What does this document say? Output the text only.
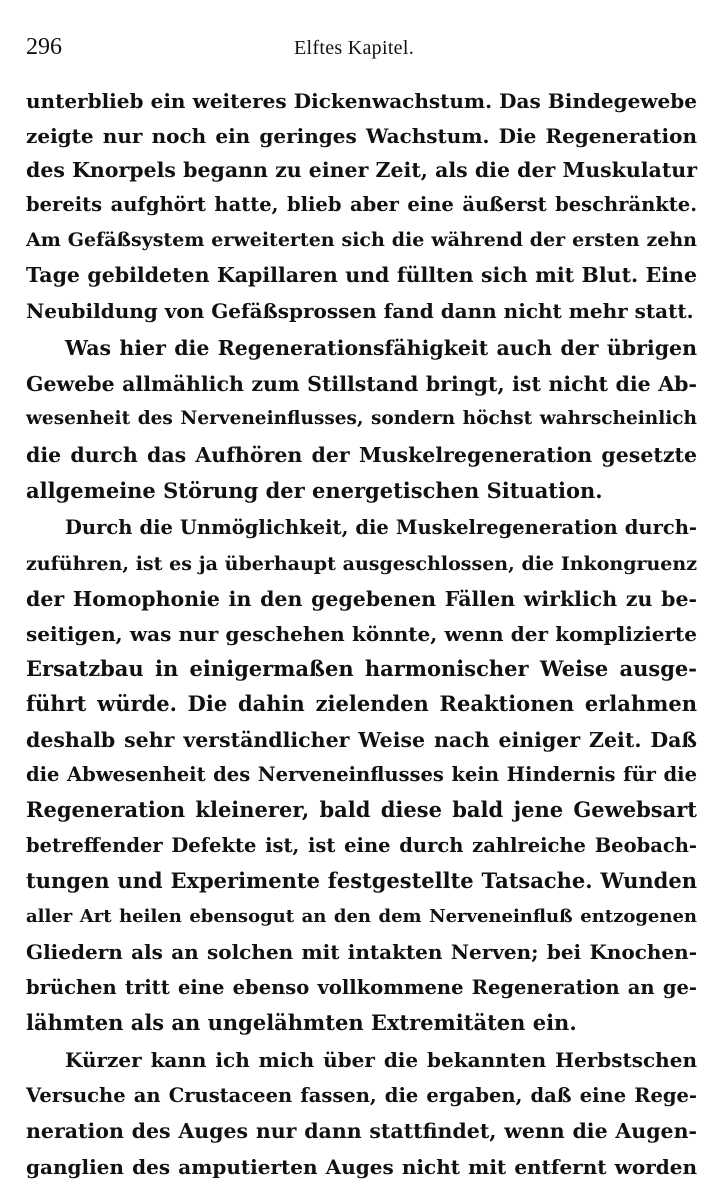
296	Elftes Kapitel.
unterblieb ein weiteres Dickenwachstum. Das Bindegewebe
zeigte nur noch ein geringes Wachstum. Die Regeneration
des Knorpels begann zu einer Zeit, als die der Muskulatur
bereits aufghört hatte, blieb aber eine äußerst beschränkte.
Am Gefäßsystem erweiterten sich die während der ersten zehn
Tage gebildeten Kapillaren und füllten sich mit Blut. Eine
Neubildung von Gefäßsprossen fand dann nicht mehr statt.
Was hier die Regenerationsfähigkeit auch der übrigen
Gewebe allmählich zum Stillstand bringt, ist nicht die Ab-
wesenheit des Nerveneinflusses, sondern höchst wahrscheinlich
die durch das Aufhören der Muskelregeneration gesetzte
allgemeine Störung der energetischen Situation.
Durch die Unmöglichkeit, die Muskelregeneration durch-
zuführen, ist es ja überhaupt ausgeschlossen, die Inkongruenz
der Homophonie in den gegebenen Fällen wirklich zu be-
seitigen, was nur geschehen könnte, wenn der komplizierte
Ersatzbau in einigermaßen harmonischer Weise ausge-
führt würde. Die dahin zielenden Reaktionen erlahmen
deshalb sehr verständlicher Weise nach einiger Zeit. Daß
die Abwesenheit des Nerveneinflusses kein Hindernis für die
Regeneration kleinerer, bald diese bald jene Gewebsart
betreffender Defekte ist, ist eine durch zahlreiche Beobach-
tungen und Experimente festgestellte Tatsache. Wunden
aller Art heilen ebensogut an den dem Nerveneinfluß entzogenen
Gliedern als an solchen mit intakten Nerven; bei Knochen-
brüchen tritt eine ebenso vollkommene Regeneration an ge-
lähmten als an ungelähmten Extremitäten ein.
Kürzer kann ich mich über die bekannten Herbstschen
Versuche an Crustaceen fassen, die ergaben, daß eine Rege-
neration des Auges nur dann stattfindet, wenn die Augen-
ganglien des amputierten Auges nicht mit entfernt worden
